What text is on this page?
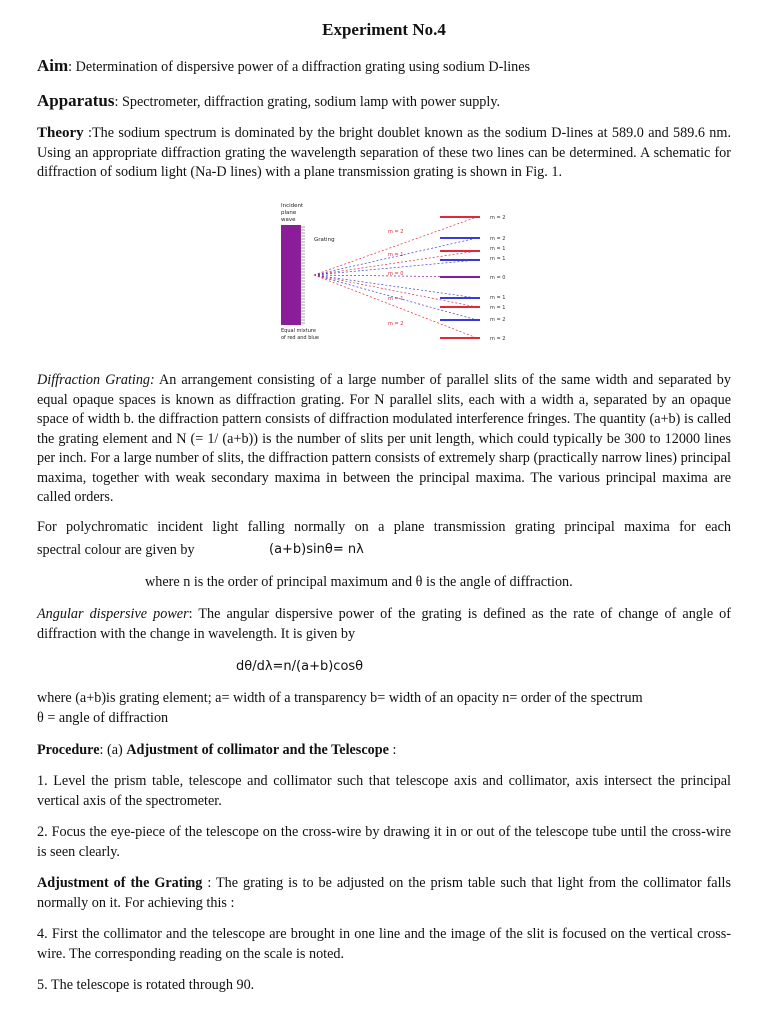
Experiment No.4
Aim: Determination of dispersive power of a diffraction grating using sodium D-lines
Apparatus: Spectrometer, diffraction grating, sodium lamp with power supply.
Theory :The sodium spectrum is dominated by the bright doublet known as the sodium D-lines at 589.0 and 589.6 nm. Using an appropriate diffraction grating the wavelength separation of these two lines can be determined. A schematic for diffraction of sodium light (Na-D lines) with a plane transmission grating is shown in Fig. 1.
Incident
plane
wave
Grating
Equal mixture
of red and blue
m = 2
m = 1
m = 0
m = 1
m = 2
m = 2
m = 2
m = 1
m = 1
m = 0
m = 1
m = 1
m = 2
m = 2
Diffraction Grating: An arrangement consisting of a large number of parallel slits of the same width and separated by equal opaque spaces is known as diffraction grating. For N parallel slits, each with a width a, separated by an opaque space of width b. the diffraction pattern consists of diffraction modulated interference fringes. The quantity (a+b) is called the grating element and N (= 1/ (a+b)) is the number of slits per unit length, which could typically be 300 to 12000 lines per inch. For a large number of slits, the diffraction pattern consists of extremely sharp (practically narrow lines) principal maxima, together with weak secondary maxima in between the principal maxima. The various principal maxima are called orders.
For polychromatic incident light falling normally on a plane transmission grating principal maxima for each
spectral colour are given by	(a+b)sinθ= nλ
where n is the order of principal maximum and θ is the angle of diffraction.
Angular dispersive power: The angular dispersive power of the grating is defined as the rate of change of angle of diffraction with the change in wavelength. It is given by
dθ/dλ=n/(a+b)cosθ
where (a+b)is grating element; a= width of a transparency b= width of an opacity n= order of the spectrum
θ = angle of diffraction
Procedure: (a) Adjustment of collimator and the Telescope :
1. Level the prism table, telescope and collimator such that telescope axis and collimator, axis intersect the principal vertical axis of the spectrometer.
2. Focus the eye-piece of the telescope on the cross-wire by drawing it in or out of the telescope tube until the cross-wire is seen clearly.
Adjustment of the Grating : The grating is to be adjusted on the prism table such that light from the collimator falls normally on it. For achieving this :
4. First the collimator and the telescope are brought in one line and the image of the slit is focused on the vertical cross-wire. The corresponding reading on the scale is noted.
5. The telescope is rotated through 90.
